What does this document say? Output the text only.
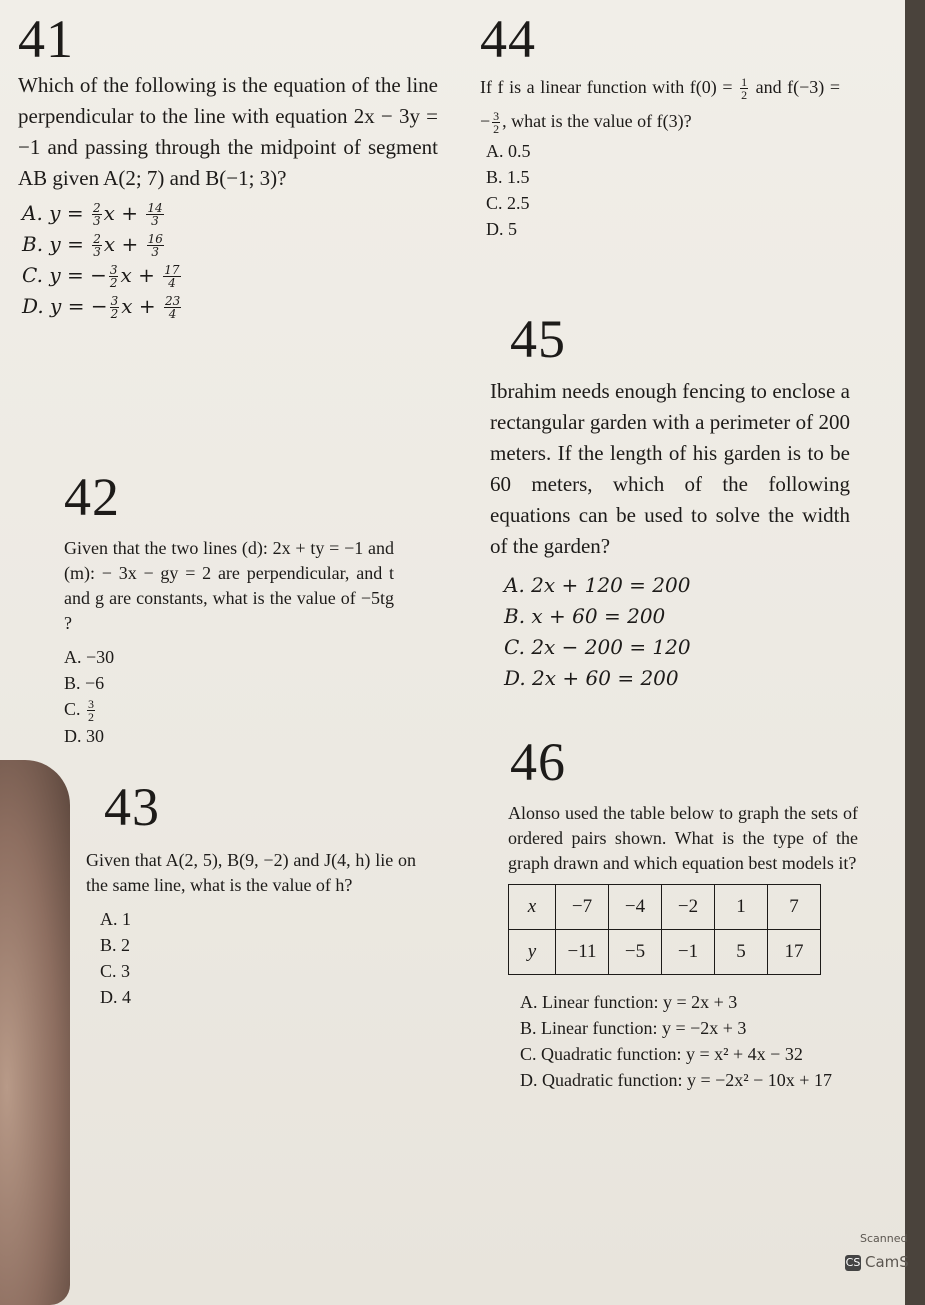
41
Which of the following is the equation of the line perpendicular to the line with equation 2x − 3y = −1 and passing through the midpoint of segment AB given A(2; 7) and B(−1; 3)?
A. $y = \frac{2}{3}$ $x + \frac{14}{3}$
B. $y = \frac{2}{3}$ $x + \frac{16}{3}$
C. y = − $\frac{3}{2}$ $x + \frac{17}{4}$
D. y = − $\frac{3}{2}$ $x + \frac{23}{4}$
42
Given that the two lines (d): 2x + ty = −1 and (m): − 3x − gy = 2 are perpendicular, and t and g are constants, what is the value of −5tg ?
A. −30
B. −6
C. $\frac{3}{2}$
D. 30
43
Given that A(2, 5), B(9, −2) and J(4, h) lie on the same line, what is the value of h?
A. 1
B. 2
C. 3
D. 4
44
If f is a linear function with $f(0) = \frac{1}{2}$ and f(−3) = − $\frac{3}{2}$ , what is the value of f(3)?
A. 0.5
B. 1.5
C. 2.5
D. 5
45
Ibrahim needs enough fencing to enclose a rectangular garden with a perimeter of 200 meters. If the length of his garden is to be 60 meters, which of the following equations can be used to solve the width of the garden?
A. 2x + 120 = 200
B. x + 60 = 200
C. 2x − 200 = 120
D. 2x + 60 = 200
46
Alonso used the table below to graph the sets of ordered pairs shown. What is the type of the graph drawn and which equation best models it?
x	−7	−4	−2	1	7
y	−11	−5	−1	5	17
A. Linear function: y = 2x + 3
B. Linear function: y = −2x + 3
C. Quadratic function: y = x² + 4x − 32
D. Quadratic function: y = −2x² − 10x + 17
Scanned
CS CamS
